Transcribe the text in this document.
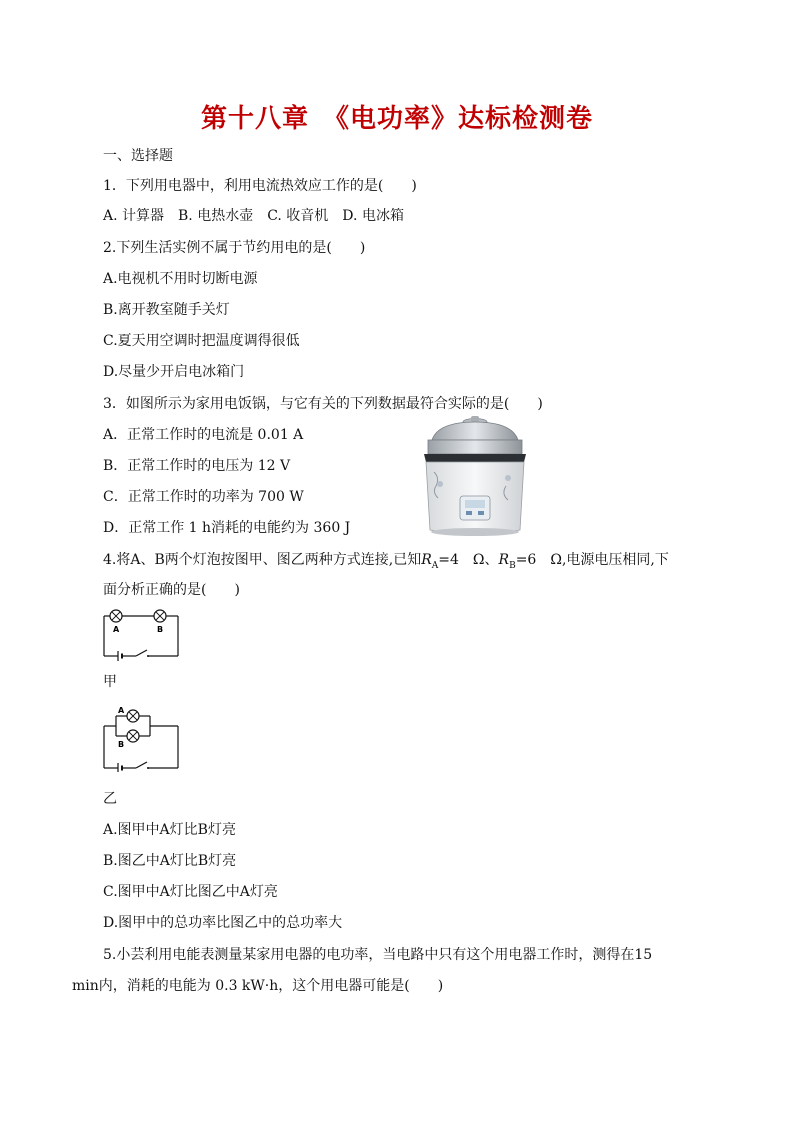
第十八章　《电功率》达标检测卷
一、选择题
1．下列用电器中，利用电流热效应工作的是(　　)
A. 计算器　B. 电热水壶　C. 收音机　D. 电冰箱
2.下列生活实例不属于节约用电的是(　　)
A.电视机不用时切断电源
B.离开教室随手关灯
C.夏天用空调时把温度调得很低
D.尽量少开启电冰箱门
3．如图所示为家用电饭锅，与它有关的下列数据最符合实际的是(　　)
A．正常工作时的电流是 0.01 A
B．正常工作时的电压为 12 V
C．正常工作时的功率为 700 W
D．正常工作 1 h消耗的电能约为 360 J
4.将A、B两个灯泡按图甲、图乙两种方式连接,已知$R_A=4$　Ω、$R_B=6$　Ω,电源电压相同,下
面分析正确的是(　　)
A	B
甲
A
B
乙
A.图甲中A灯比B灯亮
B.图乙中A灯比B灯亮
C.图甲中A灯比图乙中A灯亮
D.图甲中的总功率比图乙中的总功率大
5.小芸利用电能表测量某家用电器的电功率，当电路中只有这个用电器工作时，测得在15
min内，消耗的电能为 0.3 kW·h，这个用电器可能是(　　)
